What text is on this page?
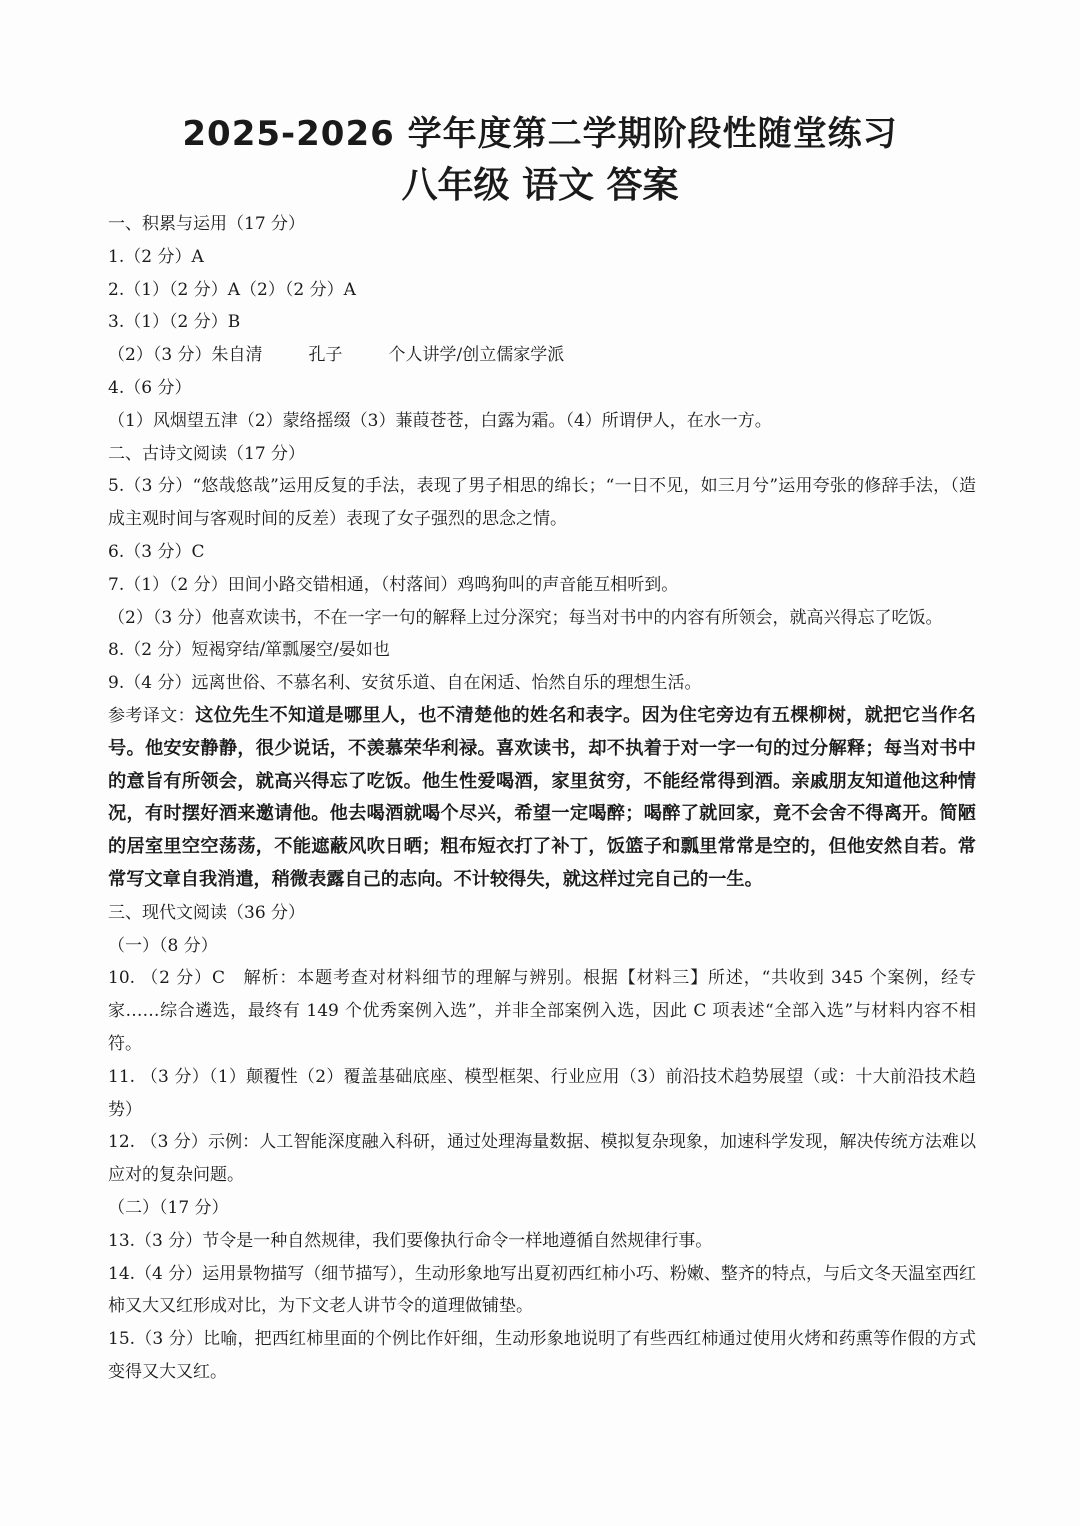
2025-2026 学年度第二学期阶段性随堂练习
八年级 语文 答案
一、积累与运用（17 分）
1.（2 分）A
2.（1）（2 分）A（2）（2 分）A
3.（1）（2 分）B
（2）（3 分）朱自清	孔子	个人讲学/创立儒家学派
4.（6 分）
（1）风烟望五津（2）蒙络摇缀（3）蒹葭苍苍，白露为霜。（4）所谓伊人，在水一方。
二、古诗文阅读（17 分）
5.（3 分）“悠哉悠哉”运用反复的手法，表现了男子相思的绵长；“一日不见，如三月兮”运用夸张的修辞手法，（造成主观时间与客观时间的反差）表现了女子强烈的思念之情。
6.（3 分）C
7.（1）（2 分）田间小路交错相通，（村落间）鸡鸣狗叫的声音能互相听到。
（2）（3 分）他喜欢读书，不在一字一句的解释上过分深究；每当对书中的内容有所领会，就高兴得忘了吃饭。
8.（2 分）短褐穿结/箪瓢屡空/晏如也
9.（4 分）远离世俗、不慕名利、安贫乐道、自在闲适、怡然自乐的理想生活。
参考译文：这位先生不知道是哪里人，也不清楚他的姓名和表字。因为住宅旁边有五棵柳树，就把它当作名号。他安安静静，很少说话，不羡慕荣华利禄。喜欢读书，却不执着于对一字一句的过分解释；每当对书中的意旨有所领会，就高兴得忘了吃饭。他生性爱喝酒，家里贫穷，不能经常得到酒。亲戚朋友知道他这种情况，有时摆好酒来邀请他。他去喝酒就喝个尽兴，希望一定喝醉；喝醉了就回家，竟不会舍不得离开。简陋的居室里空空荡荡，不能遮蔽风吹日晒；粗布短衣打了补丁，饭篮子和瓢里常常是空的，但他安然自若。常常写文章自我消遣，稍微表露自己的志向。不计较得失，就这样过完自己的一生。
三、现代文阅读（36 分）
（一）（8 分）
10. （2 分）C　解析：本题考查对材料细节的理解与辨别。根据【材料三】所述，“共收到 345 个案例，经专家……综合遴选，最终有 149 个优秀案例入选”，并非全部案例入选，因此 C 项表述“全部入选”与材料内容不相符。
11. （3 分）（1）颠覆性（2）覆盖基础底座、模型框架、行业应用（3）前沿技术趋势展望（或：十大前沿技术趋势）
12. （3 分）示例：人工智能深度融入科研，通过处理海量数据、模拟复杂现象，加速科学发现，解决传统方法难以应对的复杂问题。
（二）（17 分）
13.（3 分）节令是一种自然规律，我们要像执行命令一样地遵循自然规律行事。
14.（4 分）运用景物描写（细节描写），生动形象地写出夏初西红柿小巧、粉嫩、整齐的特点，与后文冬天温室西红柿又大又红形成对比，为下文老人讲节令的道理做铺垫。
15.（3 分）比喻，把西红柿里面的个例比作奸细，生动形象地说明了有些西红柿通过使用火烤和药熏等作假的方式变得又大又红。
